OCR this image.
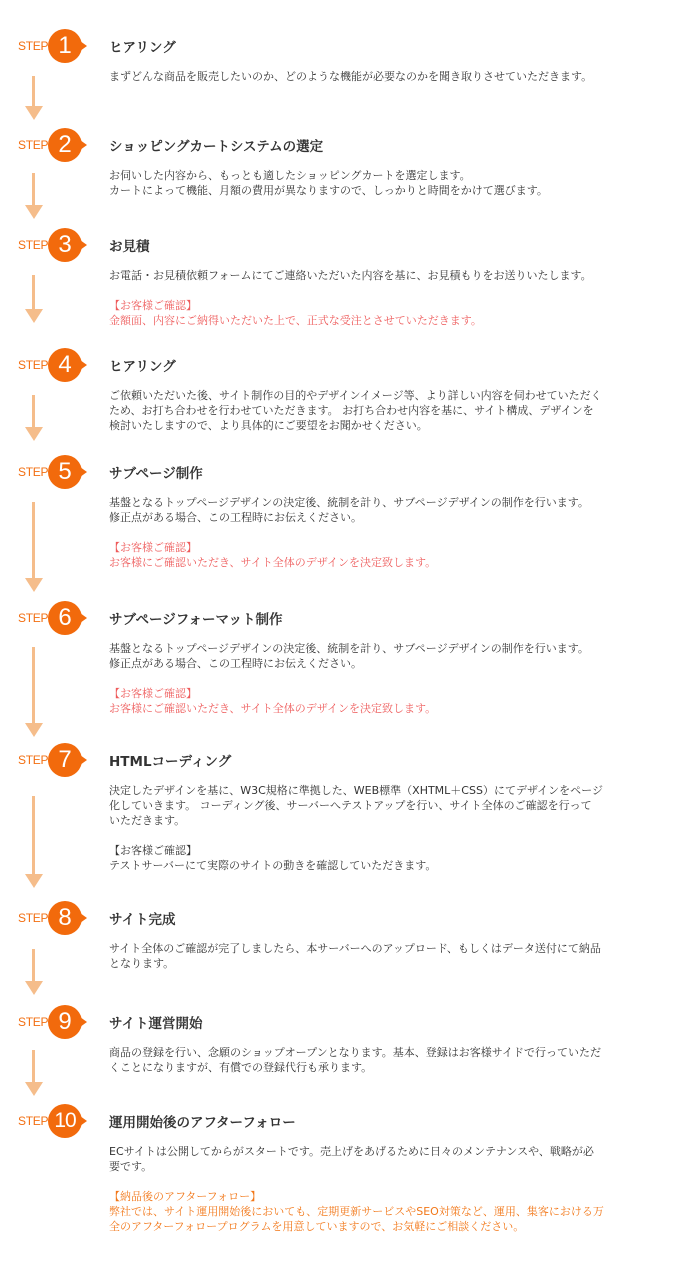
STEP 1	ヒアリング

まずどんな商品を販売したいのか、どのような機能が必要なのかを聞き取りさせていただきます。

STEP 2	ショッピングカートシステムの選定

お伺いした内容から、もっとも適したショッピングカートを選定します。

カートによって機能、月額の費用が異なりますので、しっかりと時間をかけて選びます。

STEP 3	お見積

お電話・お見積依頼フォームにてご連絡いただいた内容を基に、お見積もりをお送りいたします。

【お客様ご確認】

金額面、内容にご納得いただいた上で、正式な受注とさせていただきます。

STEP 4	ヒアリング

ご依頼いただいた後、サイト制作の目的やデザインイメージ等、より詳しい内容を伺わせていただく

ため、お打ち合わせを行わせていただきます。 お打ち合わせ内容を基に、サイト構成、デザインを

検討いたしますので、より具体的にご要望をお聞かせください。

STEP 5	サブページ制作

基盤となるトップページデザインの決定後、統制を計り、サブページデザインの制作を行います。

修正点がある場合、この工程時にお伝えください。

【お客様ご確認】

お客様にご確認いただき、サイト全体のデザインを決定致します。

STEP 6	サブページフォーマット制作

基盤となるトップページデザインの決定後、統制を計り、サブページデザインの制作を行います。

修正点がある場合、この工程時にお伝えください。

【お客様ご確認】

お客様にご確認いただき、サイト全体のデザインを決定致します。

STEP 7	HTMLコーディング

決定したデザインを基に、W3C規格に準拠した、WEB標準（XHTML＋CSS）にてデザインをページ

化していきます。 コーディング後、サーバーへテストアップを行い、サイト全体のご確認を行って

いただきます。

【お客様ご確認】

テストサーバーにて実際のサイトの動きを確認していただきます。

STEP 8	サイト完成

サイト全体のご確認が完了しましたら、本サーバーへのアップロード、もしくはデータ送付にて納品

となります。

STEP 9	サイト運営開始

商品の登録を行い、念願のショップオープンとなります。基本、登録はお客様サイドで行っていただ

くことになりますが、有償での登録代行も承ります。

STEP 10	運用開始後のアフターフォロー

ECサイトは公開してからがスタートです。売上げをあげるために日々のメンテナンスや、戦略が必

要です。

【納品後のアフターフォロー】

弊社では、サイト運用開始後においても、定期更新サービスやSEO対策など、運用、集客における万

全のアフターフォロープログラムを用意していますので、お気軽にご相談ください。
